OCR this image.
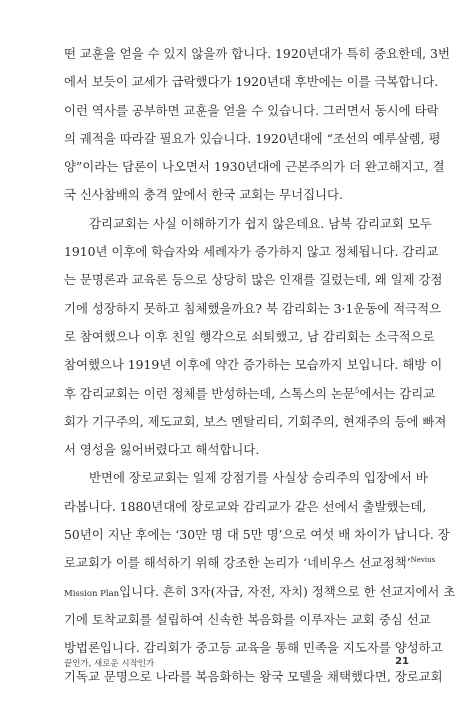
떤 교훈을 얻을 수 있지 않을까 합니다. 1920년대가 특히 중요한데, 3번
에서 보듯이 교세가 급락했다가 1920년대 후반에는 이를 극복합니다.
이런 역사를 공부하면 교훈을 얻을 수 있습니다. 그러면서 동시에 타락
의 궤적을 따라갈 필요가 있습니다. 1920년대에 “조선의 예루살렘, 평
양”이라는 담론이 나오면서 1930년대에 근본주의가 더 완고해지고, 결
국 신사참배의 충격 앞에서 한국 교회는 무너집니다.
감리교회는 사실 이해하기가 쉽지 않은데요. 남북 감리교회 모두
1910년 이후에 학습자와 세례자가 증가하지 않고 정체됩니다. 감리교
는 문명론과 교육론 등으로 상당히 많은 인재를 길렀는데, 왜 일제 강점
기에 성장하지 못하고 침체했을까요? 북 감리회는 3·1운동에 적극적으
로 참여했으나 이후 친일 행각으로 쇠퇴했고, 남 감리회는 소극적으로
참여했으나 1919년 이후에 약간 증가하는 모습까지 보입니다. 해방 이
후 감리교회는 이런 정체를 반성하는데, 스톡스의 논문$^5$에서는 감리교
회가 기구주의, 제도교회, 보스 멘탈리티, 기회주의, 현재주의 등에 빠져
서 영성을 잃어버렸다고 해석합니다.
반면에 장로교회는 일제 강점기를 사실상 승리주의 입장에서 바
라봅니다. 1880년대에 장로교와 감리교가 같은 선에서 출발했는데,
50년이 지난 후에는 ‘30만 명 대 5만 명’으로 여섯 배 차이가 납니다. 장
로교회가 이를 해석하기 위해 강조한 논리가 ‘네비우스 선교정책’$^{Nevius}$
Mission Plan입니다. 흔히 3자(자급, 자전, 자치) 정책으로 한 선교지에서 초
기에 토착교회를 설립하여 신속한 복음화를 이루자는 교회 중심 선교
방법론입니다. 감리회가 중고등 교육을 통해 민족을 지도자를 양성하고
기독교 문명으로 나라를 복음화하는 왕국 모델을 채택했다면, 장로교회
끝인가, 새로운 시작인가	21
